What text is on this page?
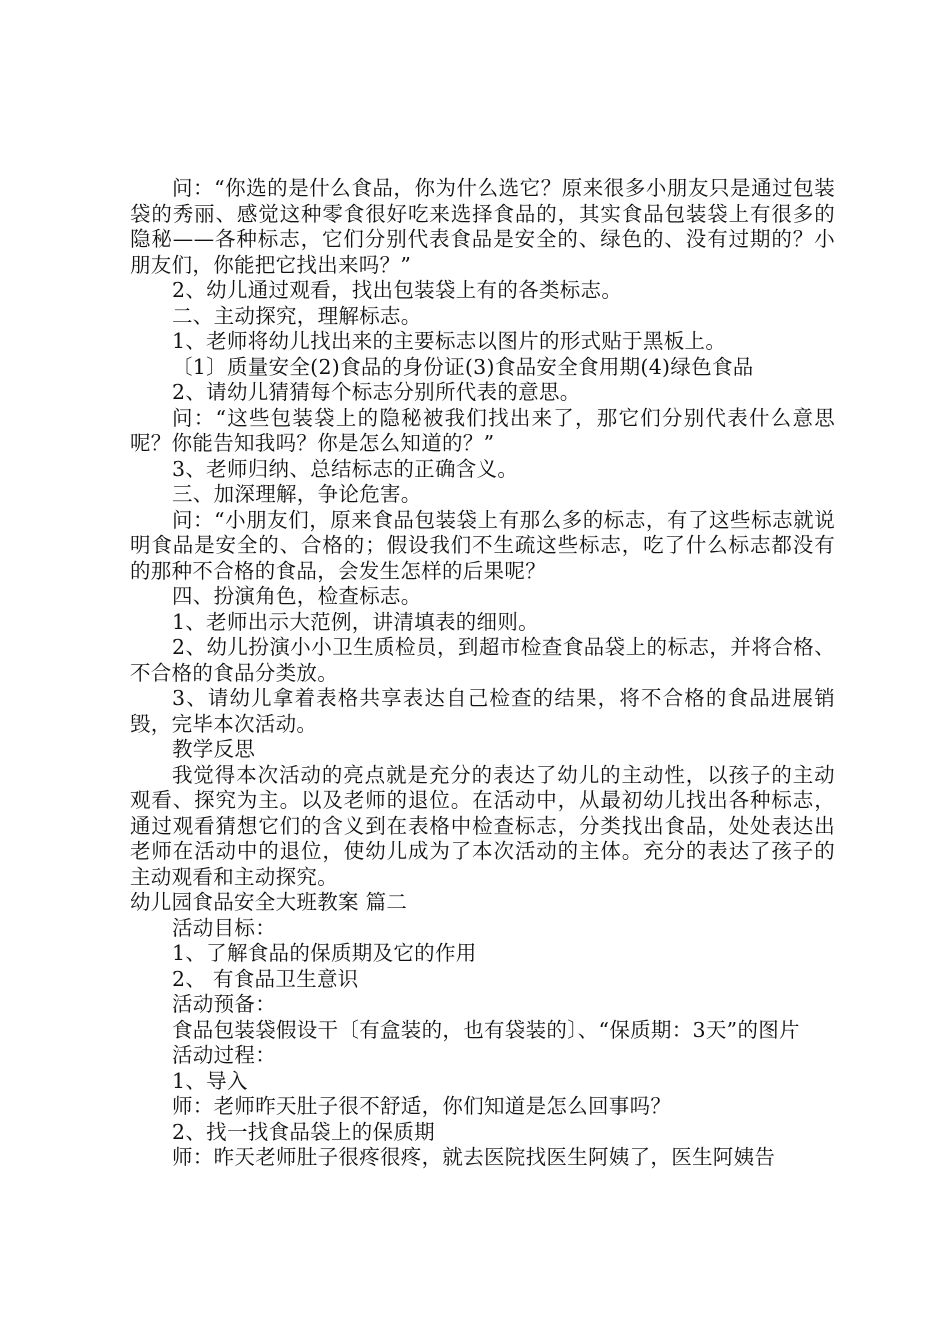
问：“你选的是什么食品，你为什么选它？原来很多小朋友只是通过包装袋的秀丽、感觉这种零食很好吃来选择食品的，其实食品包装袋上有很多的隐秘——各种标志，它们分别代表食品是安全的、绿色的、没有过期的？小朋友们，你能把它找出来吗？”

2、幼儿通过观看，找出包装袋上有的各类标志。

二、主动探究，理解标志。

1、老师将幼儿找出来的主要标志以图片的形式贴于黑板上。

〔1〕质量安全(2)食品的身份证(3)食品安全食用期(4)绿色食品

2、请幼儿猜猜每个标志分别所代表的意思。

问：“这些包装袋上的隐秘被我们找出来了，那它们分别代表什么意思呢？你能告知我吗？你是怎么知道的？”

3、老师归纳、总结标志的正确含义。

三、加深理解，争论危害。

问：“小朋友们，原来食品包装袋上有那么多的标志，有了这些标志就说明食品是安全的、合格的；假设我们不生疏这些标志，吃了什么标志都没有的那种不合格的食品，会发生怎样的后果呢？

四、扮演角色，检查标志。

1、老师出示大范例，讲清填表的细则。

2、幼儿扮演小小卫生质检员，到超市检查食品袋上的标志，并将合格、不合格的食品分类放。

3、请幼儿拿着表格共享表达自己检查的结果，将不合格的食品进展销毁，完毕本次活动。

教学反思

我觉得本次活动的亮点就是充分的表达了幼儿的主动性，以孩子的主动观看、探究为主。以及老师的退位。在活动中，从最初幼儿找出各种标志，通过观看猜想它们的含义到在表格中检查标志，分类找出食品，处处表达出老师在活动中的退位，使幼儿成为了本次活动的主体。充分的表达了孩子的主动观看和主动探究。

幼儿园食品安全大班教案 篇二

活动目标：

1、了解食品的保质期及它的作用

2、 有食品卫生意识

活动预备：

食品包装袋假设干〔有盒装的，也有袋装的〕、“保质期：3天”的图片

活动过程：

1、导入

师：老师昨天肚子很不舒适，你们知道是怎么回事吗？

2、找一找食品袋上的保质期

师：昨天老师肚子很疼很疼，就去医院找医生阿姨了，医生阿姨告
